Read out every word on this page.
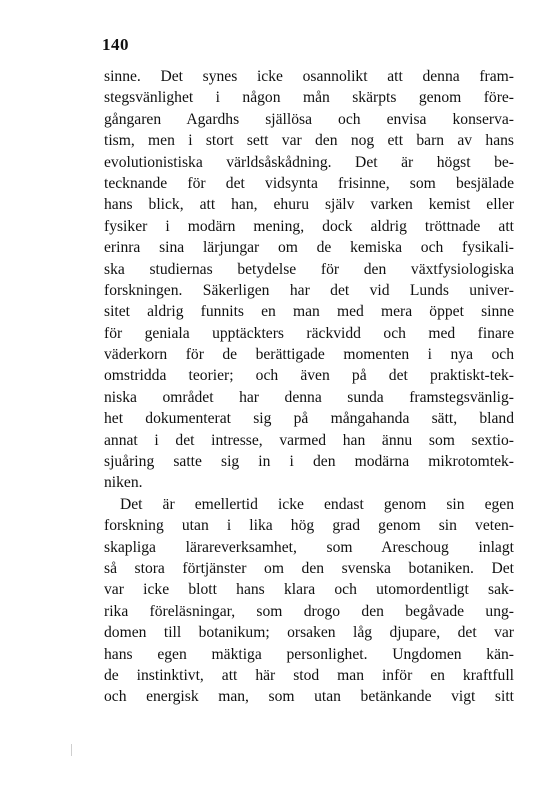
140
sinne. Det synes icke osannolikt att denna fram-
stegsvänlighet i någon mån skärpts genom före-
gångaren Agardhs själlösa och envisa konserva-
tism, men i stort sett var den nog ett barn av hans
evolutionistiska världsåskådning. Det är högst be-
tecknande för det vidsynta frisinne, som besjälade
hans blick, att han, ehuru själv varken kemist eller
fysiker i modärn mening, dock aldrig tröttnade att
erinra sina lärjungar om de kemiska och fysikali-
ska studiernas betydelse för den växtfysiologiska
forskningen. Säkerligen har det vid Lunds univer-
sitet aldrig funnits en man med mera öppet sinne
för geniala upptäckters räckvidd och med finare
väderkorn för de berättigade momenten i nya och
omstridda teorier; och även på det praktiskt-tek-
niska området har denna sunda framstegsvänlig-
het dokumenterat sig på mångahanda sätt, bland
annat i det intresse, varmed han ännu som sextio-
sjuåring satte sig in i den modärna mikrotomtek-
niken.
Det är emellertid icke endast genom sin egen
forskning utan i lika hög grad genom sin veten-
skapliga lärareverksamhet, som Areschoug inlagt
så stora förtjänster om den svenska botaniken. Det
var icke blott hans klara och utomordentligt sak-
rika föreläsningar, som drogo den begåvade ung-
domen till botanikum; orsaken låg djupare, det var
hans egen mäktiga personlighet. Ungdomen kän-
de instinktivt, att här stod man inför en kraftfull
och energisk man, som utan betänkande vigt sitt
